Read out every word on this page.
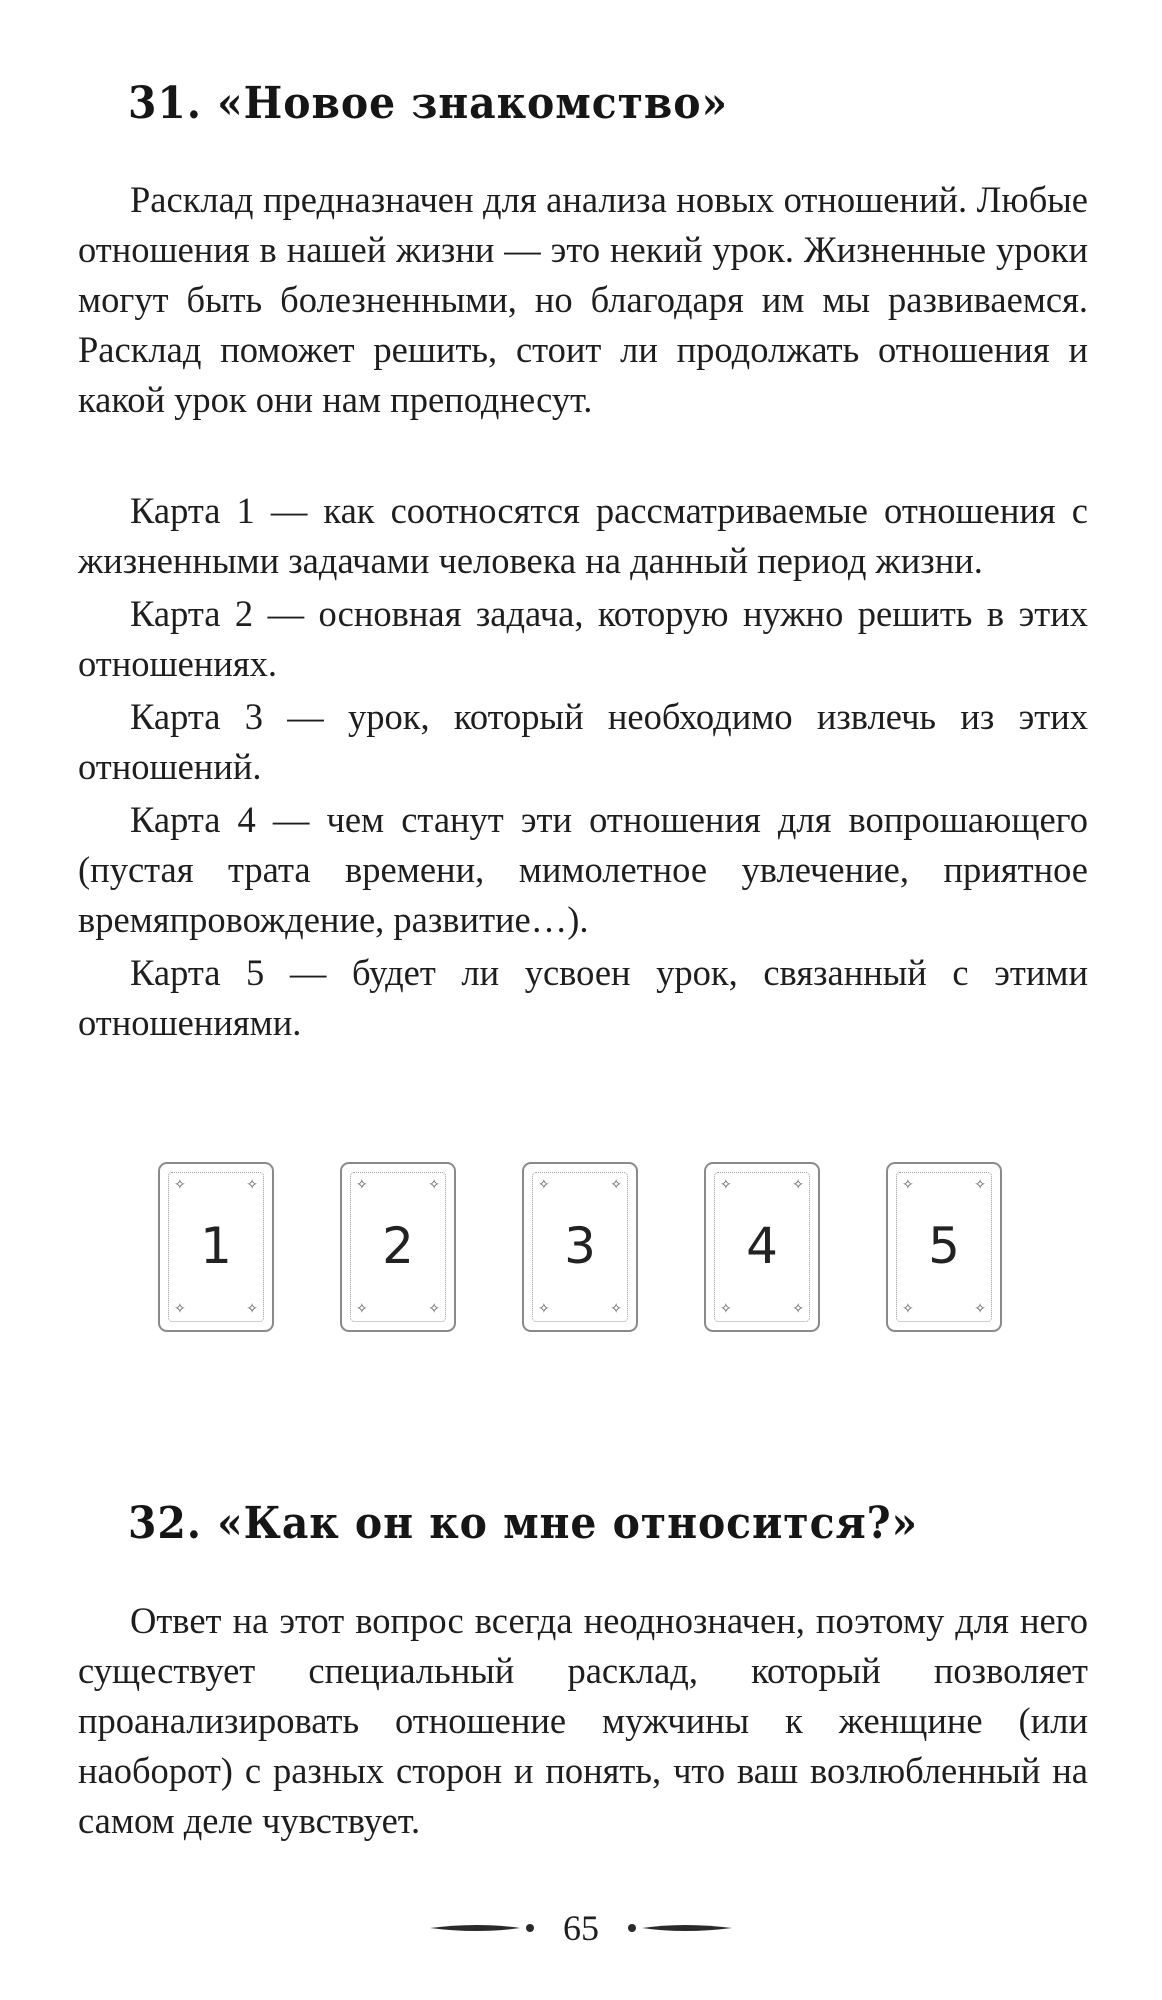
31. «Новое знакомство»

Расклад предназначен для анализа новых отношений. Любые отношения в нашей жизни — это некий урок. Жизненные уроки могут быть болезненными, но благодаря им мы развиваемся. Расклад поможет решить, стоит ли продолжать отношения и какой урок они нам преподнесут.

Карта 1 — как соотносятся рассматриваемые отношения с жизненными задачами человека на данный период жизни.

Карта 2 — основная задача, которую нужно решить в этих отношениях.

Карта 3 — урок, который необходимо извлечь из этих отношений.

Карта 4 — чем станут эти отношения для вопрошающего (пустая трата времени, мимолетное увлечение, приятное времяпровождение, развитие…).

Карта 5 — будет ли усвоен урок, связанный с этими отношениями.

✧	✧
✧	✧
1
✧	✧
✧	✧
2
✧	✧
✧	✧
3
✧	✧
✧	✧
4
✧	✧
✧	✧
5
32. «Как он ко мне относится?»

Ответ на этот вопрос всегда неоднозначен, поэтому для него существует специальный расклад, который позволяет проанализировать отношение мужчины к женщине (или наоборот) с разных сторон и понять, что ваш возлюбленный на самом деле чувствует.

65
